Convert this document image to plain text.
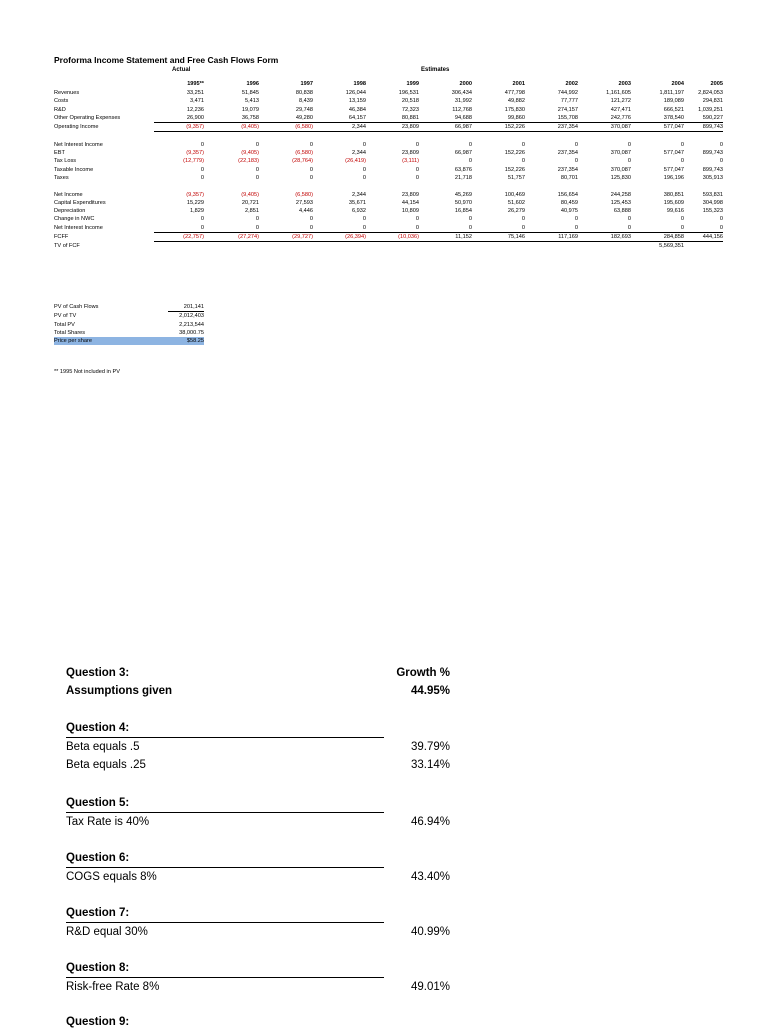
Proforma Income Statement and Free Cash Flows Form
Actual	Estimates
	1995**	1996	1997	1998	1999	2000	2001	2002	2003	2004	2005
Revenues	33,251	51,845	80,838	126,044	196,531	306,434	477,798	744,992	1,161,605	1,811,197	2,824,053
Costs	3,471	5,413	8,439	13,159	20,518	31,992	49,882	77,777	121,272	189,089	294,831
R&D	12,236	19,079	29,748	46,384	72,323	112,768	175,830	274,157	427,471	666,521	1,039,251
Other Operating Expenses	26,900	36,758	49,280	64,157	80,881	94,688	99,860	155,708	242,776	378,540	590,227
Operating Income	(9,357)	(9,405)	(6,580)	2,344	23,809	66,987	152,226	237,354	370,087	577,047	899,743

Net Interest Income	0	0	0	0	0	0	0	0	0	0	0
EBT	(9,357)	(9,405)	(6,580)	2,344	23,809	66,987	152,226	237,354	370,087	577,047	899,743
Tax Loss	(12,779)	(22,183)	(28,764)	(26,419)	(3,111)	0	0	0	0	0	0
Taxable Income	0	0	0	0	0	63,876	152,226	237,354	370,087	577,047	899,743
Taxes	0	0	0	0	0	21,718	51,757	80,701	125,830	196,196	305,913

Net Income	(9,357)	(9,405)	(6,580)	2,344	23,809	45,269	100,469	156,654	244,258	380,851	593,831
Capital Expenditures	15,229	20,721	27,593	35,671	44,154	50,970	51,602	80,459	125,453	195,609	304,998
Depreciation	1,829	2,851	4,446	6,932	10,809	16,854	26,279	40,975	63,888	99,616	155,323
Change in NWC	0	0	0	0	0	0	0	0	0	0	0
Net Interest Income	0	0	0	0	0	0	0	0	0	0	0
FCFF	(22,757)	(27,274)	(29,727)	(26,394)	(10,036)	11,152	75,146	117,169	182,693	284,858	444,156
TV of FCF										5,569,351	
PV of Cash Flows	201,141
PV of TV	2,012,403
Total PV	2,213,544
Total Shares	38,000.75
Price per share	$58.25
** 1995 Not included in PV
Question 3:	Growth %
Assumptions given	44.95%
Question 4:
Beta equals .5	39.79%
Beta equals .25	33.14%
Question 5:
Tax Rate is 40%	46.94%
Question 6:
COGS equals 8%	43.40%
Question 7:
R&D equal 30%	40.99%
Question 8:
Risk-free Rate 8%	49.01%
Question 9:
